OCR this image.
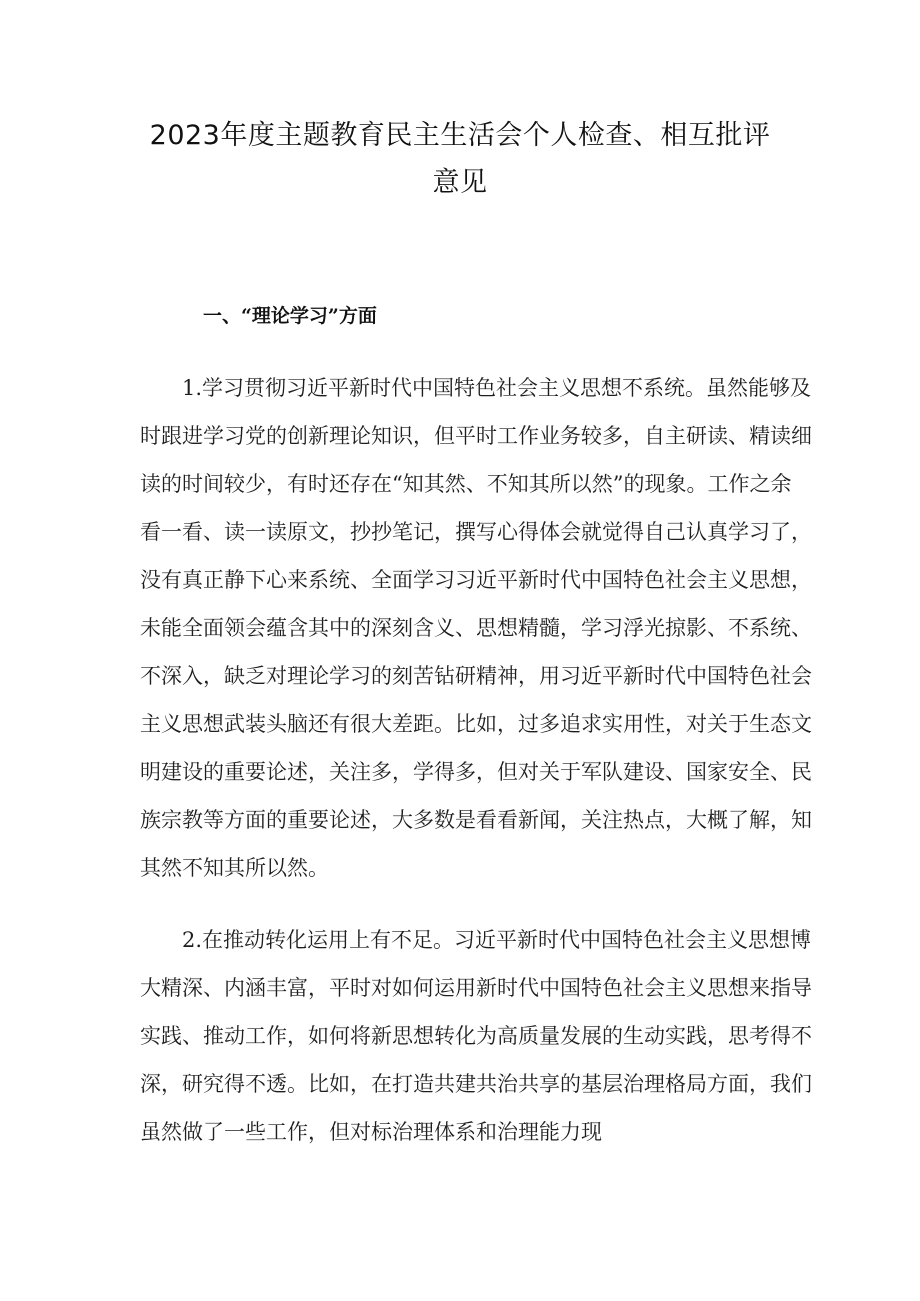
2023年度主题教育民主生活会个人检查、相互批评意见
一、“理论学习”方面
1.学习贯彻习近平新时代中国特色社会主义思想不系统。虽然能够及
时跟进学习党的创新理论知识，但平时工作业务较多，自主研读、精读细
读的时间较少，有时还存在“知其然、不知其所以然”的现象。工作之余
看一看、读一读原文，抄抄笔记，撰写心得体会就觉得自己认真学习了，
没有真正静下心来系统、全面学习习近平新时代中国特色社会主义思想，
未能全面领会蕴含其中的深刻含义、思想精髓，学习浮光掠影、不系统、
不深入，缺乏对理论学习的刻苦钻研精神，用习近平新时代中国特色社会
主义思想武装头脑还有很大差距。比如，过多追求实用性，对关于生态文
明建设的重要论述，关注多，学得多，但对关于军队建设、国家安全、民
族宗教等方面的重要论述，大多数是看看新闻，关注热点，大概了解，知
其然不知其所以然。
2.在推动转化运用上有不足。习近平新时代中国特色社会主义思想博
大精深、内涵丰富，平时对如何运用新时代中国特色社会主义思想来指导
实践、推动工作，如何将新思想转化为高质量发展的生动实践，思考得不
深，研究得不透。比如，在打造共建共治共享的基层治理格局方面，我们
虽然做了一些工作，但对标治理体系和治理能力现
